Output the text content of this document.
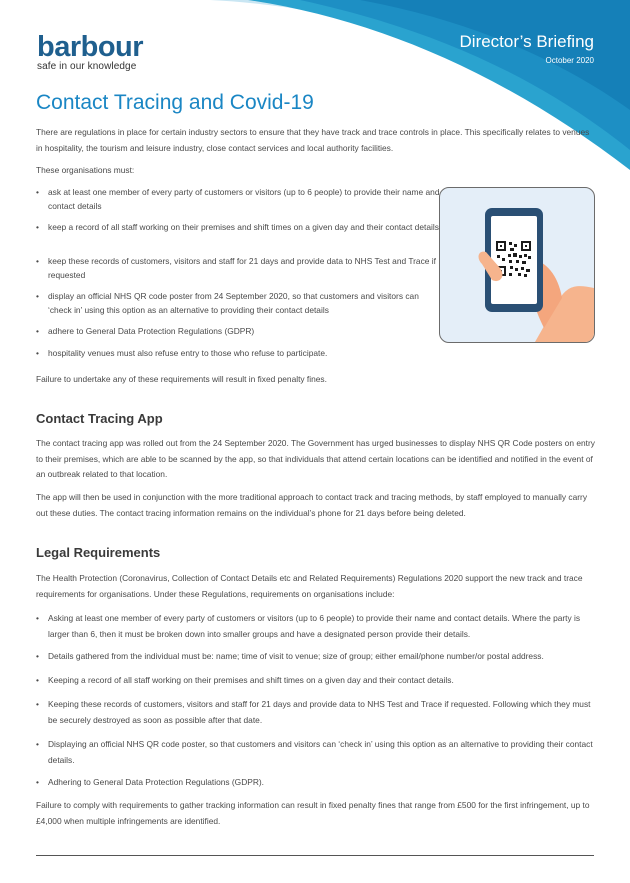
barbour
safe in our knowledge
Director’s Briefing
October 2020
Contact Tracing and Covid-19

There are regulations in place for certain industry sectors to ensure that they have track and trace controls in place. This specifically relates to venues in hospitality, the tourism and leisure industry, close contact services and local authority facilities.

These organisations must:

• ask at least one member of every party of customers or visitors (up to 6 people) to provide their name and contact details
• keep a record of all staff working on their premises and shift times on a given day and their contact details
• keep these records of customers, visitors and staff for 21 days and provide data to NHS Test and Trace if requested
• display an official NHS QR code poster from 24 September 2020, so that customers and visitors can ‘check in’ using this option as an alternative to providing their contact details
• adhere to General Data Protection Regulations (GDPR)
• hospitality venues must also refuse entry to those who refuse to participate.

Failure to undertake any of these requirements will result in fixed penalty fines.

Contact Tracing App

The contact tracing app was rolled out from the 24 September 2020. The Government has urged businesses to display NHS QR Code posters on entry to their premises, which are able to be scanned by the app, so that individuals that attend certain locations can be identified and notified in the event of an outbreak related to that location.

The app will then be used in conjunction with the more traditional approach to contact track and tracing methods, by staff employed to manually carry out these duties. The contact tracing information remains on the individual’s phone for 21 days before being deleted.

Legal Requirements

The Health Protection (Coronavirus, Collection of Contact Details etc and Related Requirements) Regulations 2020 support the new track and trace requirements for organisations. Under these Regulations, requirements on organisations include:

• Asking at least one member of every party of customers or visitors (up to 6 people) to provide their name and contact details. Where the party is larger than 6, then it must be broken down into smaller groups and have a designated person provide their details.
• Details gathered from the individual must be: name; time of visit to venue; size of group; either email/phone number/or postal address.
• Keeping a record of all staff working on their premises and shift times on a given day and their contact details.
• Keeping these records of customers, visitors and staff for 21 days and provide data to NHS Test and Trace if requested. Following which they must be securely destroyed as soon as possible after that date.
• Displaying an official NHS QR code poster, so that customers and visitors can ‘check in’ using this option as an alternative to providing their contact details.
• Adhering to General Data Protection Regulations (GDPR).

Failure to comply with requirements to gather tracking information can result in fixed penalty fines that range from £500 for the first infringement, up to £4,000 when multiple infringements are identified.
